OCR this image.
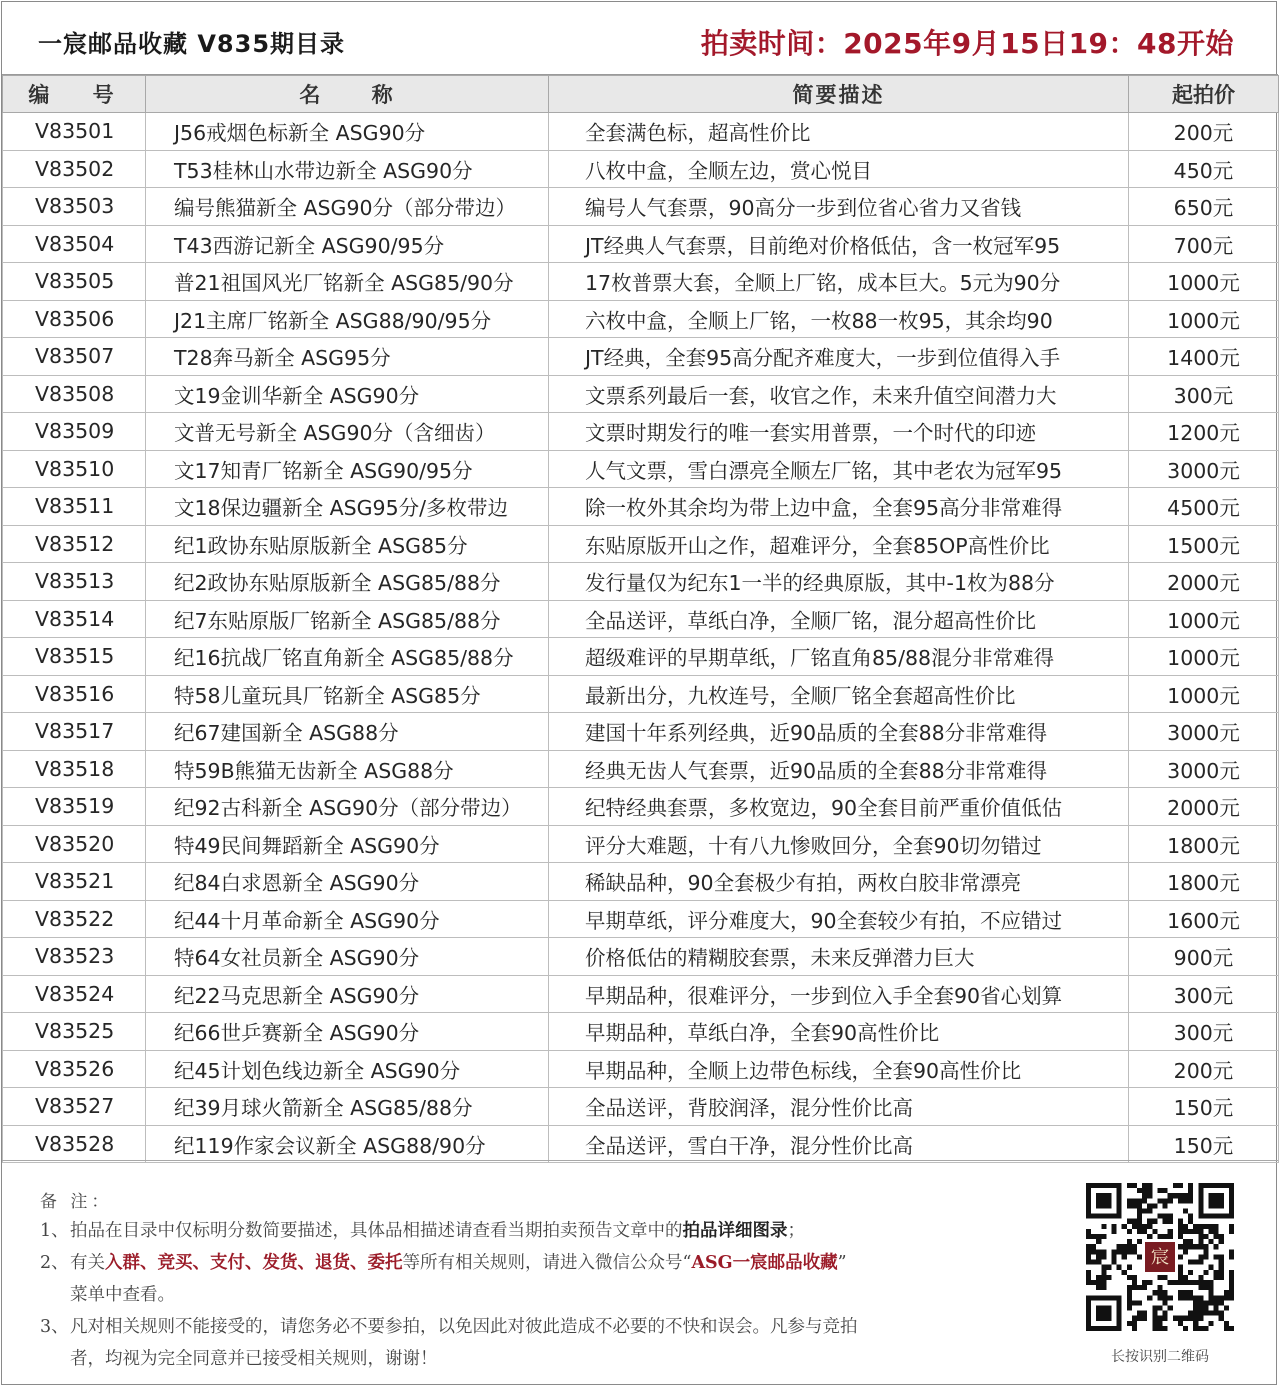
一宸邮品收藏 V835期目录	拍卖时间：2025年9月15日19：48开始
编 号	名 称	简要描述	起拍价
V83501	J56戒烟色标新全 ASG90分	全套满色标，超高性价比	200元
V83502	T53桂林山水带边新全 ASG90分	八枚中盒，全顺左边，赏心悦目	450元
V83503	编号熊猫新全 ASG90分（部分带边）	编号人气套票，90高分一步到位省心省力又省钱	650元
V83504	T43西游记新全 ASG90/95分	JT经典人气套票，目前绝对价格低估，含一枚冠军95	700元
V83505	普21祖国风光厂铭新全 ASG85/90分	17枚普票大套，全顺上厂铭，成本巨大。5元为90分	1000元
V83506	J21主席厂铭新全 ASG88/90/95分	六枚中盒，全顺上厂铭，一枚88一枚95，其余均90	1000元
V83507	T28奔马新全 ASG95分	JT经典，全套95高分配齐难度大，一步到位值得入手	1400元
V83508	文19金训华新全 ASG90分	文票系列最后一套，收官之作，未来升值空间潜力大	300元
V83509	文普无号新全 ASG90分（含细齿）	文票时期发行的唯一套实用普票，一个时代的印迹	1200元
V83510	文17知青厂铭新全 ASG90/95分	人气文票，雪白漂亮全顺左厂铭，其中老农为冠军95	3000元
V83511	文18保边疆新全 ASG95分/多枚带边	除一枚外其余均为带上边中盒，全套95高分非常难得	4500元
V83512	纪1政协东贴原版新全 ASG85分	东贴原版开山之作，超难评分，全套85OP高性价比	1500元
V83513	纪2政协东贴原版新全 ASG85/88分	发行量仅为纪东1一半的经典原版，其中-1枚为88分	2000元
V83514	纪7东贴原版厂铭新全 ASG85/88分	全品送评，草纸白净，全顺厂铭，混分超高性价比	1000元
V83515	纪16抗战厂铭直角新全 ASG85/88分	超级难评的早期草纸，厂铭直角85/88混分非常难得	1000元
V83516	特58儿童玩具厂铭新全 ASG85分	最新出分，九枚连号，全顺厂铭全套超高性价比	1000元
V83517	纪67建国新全 ASG88分	建国十年系列经典，近90品质的全套88分非常难得	3000元
V83518	特59B熊猫无齿新全 ASG88分	经典无齿人气套票，近90品质的全套88分非常难得	3000元
V83519	纪92古科新全 ASG90分（部分带边）	纪特经典套票，多枚宽边，90全套目前严重价值低估	2000元
V83520	特49民间舞蹈新全 ASG90分	评分大难题，十有八九惨败回分，全套90切勿错过	1800元
V83521	纪84白求恩新全 ASG90分	稀缺品种，90全套极少有拍，两枚白胶非常漂亮	1800元
V83522	纪44十月革命新全 ASG90分	早期草纸，评分难度大，90全套较少有拍，不应错过	1600元
V83523	特64女社员新全 ASG90分	价格低估的精糊胶套票，未来反弹潜力巨大	900元
V83524	纪22马克思新全 ASG90分	早期品种，很难评分，一步到位入手全套90省心划算	300元
V83525	纪66世乒赛新全 ASG90分	早期品种，草纸白净，全套90高性价比	300元
V83526	纪45计划色线边新全 ASG90分	早期品种，全顺上边带色标线，全套90高性价比	200元
V83527	纪39月球火箭新全 ASG85/88分	全品送评，背胶润泽，混分性价比高	150元
V83528	纪119作家会议新全 ASG88/90分	全品送评，雪白干净，混分性价比高	150元
备 注：
1、拍品在目录中仅标明分数简要描述，具体品相描述请查看当期拍卖预告文章中的拍品详细图录；
2、有关入群、竞买、支付、发货、退货、委托等所有相关规则，请进入微信公众号“ASG一宸邮品收藏”
菜单中查看。
3、凡对相关规则不能接受的，请您务必不要参拍，以免因此对彼此造成不必要的不快和误会。凡参与竞拍
者，均视为完全同意并已接受相关规则，谢谢！
宸
长按识别二维码
